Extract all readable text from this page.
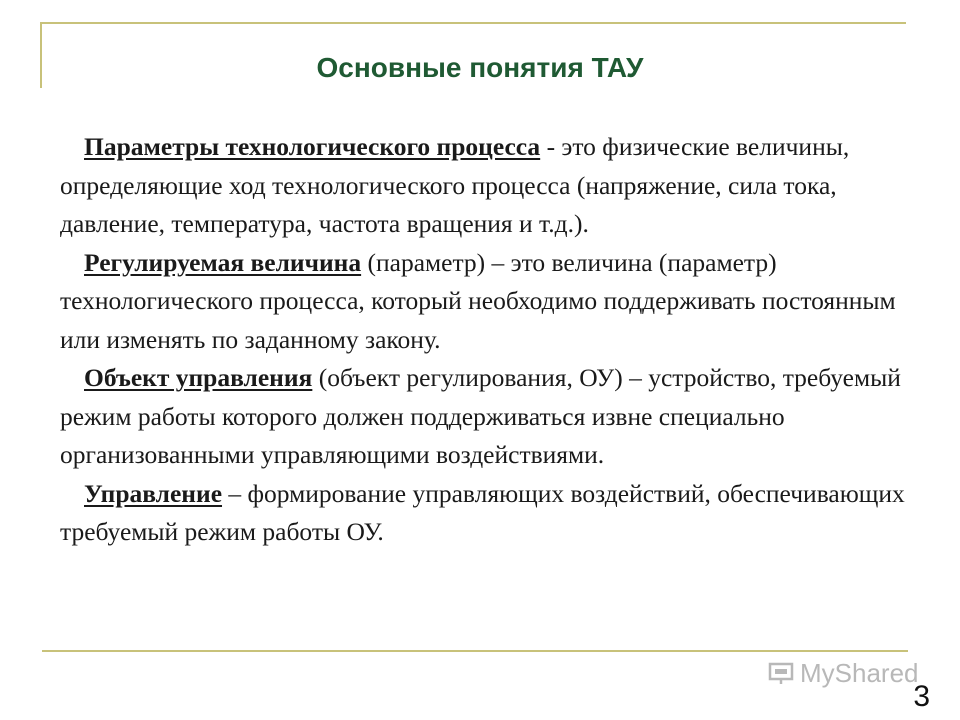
Основные понятия ТАУ

Параметры технологического процесса - это физические величины, определяющие ход технологического процесса (напряжение, сила тока, давление, температура, частота вращения и т.д.).

Регулируемая величина (параметр) – это величина (параметр) технологического процесса, который необходимо поддерживать постоянным или изменять по заданному закону.

Объект управления (объект регулирования, ОУ) – устройство, требуемый режим работы которого должен поддерживаться извне специально организованными управляющими воздействиями.

Управление – формирование управляющих воздействий, обеспечивающих требуемый режим работы ОУ.

MyShared
3
